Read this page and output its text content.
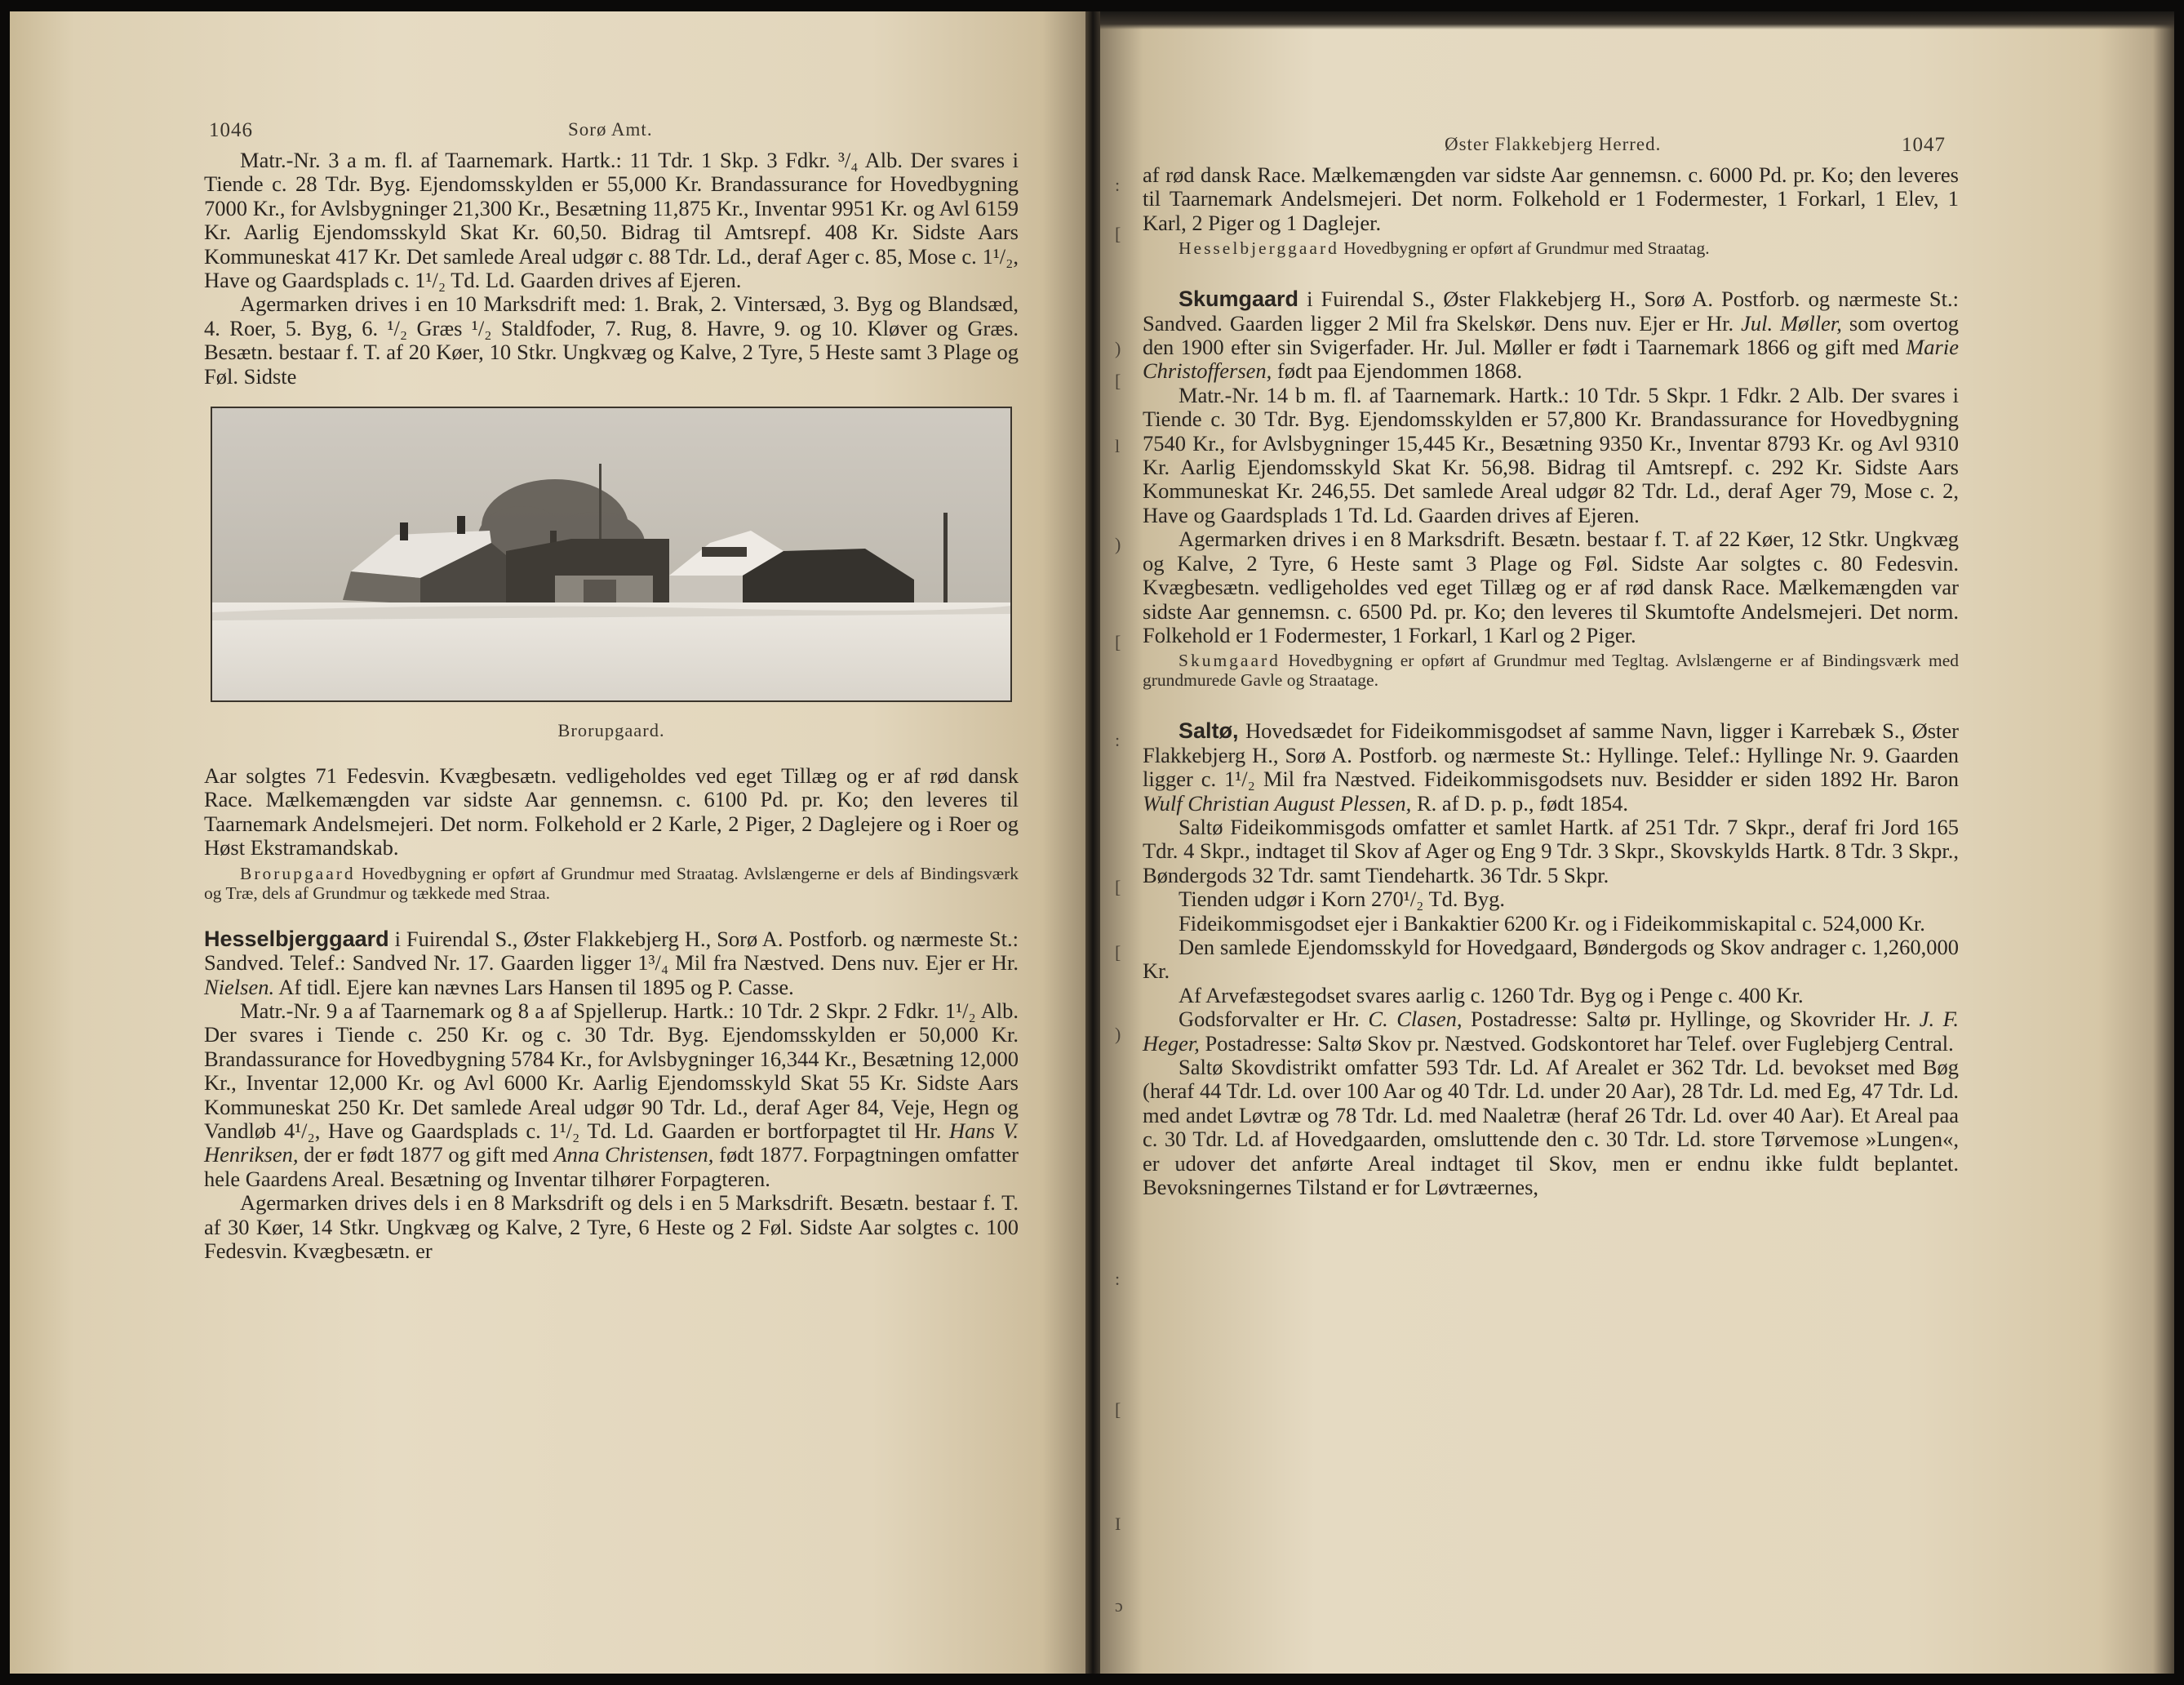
1046	Sorø Amt.

Matr.-Nr. 3 a m. fl. af Taarnemark. Hartk.: 11 Tdr. 1 Skp. 3 Fdkr. ³/₄ Alb. Der svares i Tiende c. 28 Tdr. Byg. Ejendomsskylden er 55,000 Kr. Brandassurance for Hovedbygning 7000 Kr., for Avlsbygninger 21,300 Kr., Besætning 11,875 Kr., Inventar 9951 Kr. og Avl 6159 Kr. Aarlig Ejendomsskyld Skat Kr. 60,50. Bidrag til Amtsrepf. 408 Kr. Sidste Aars Kommuneskat 417 Kr. Det samlede Areal udgør c. 88 Tdr. Ld., deraf Ager c. 85, Mose c. 1¹/₂, Have og Gaardsplads c. 1¹/₂ Td. Ld. Gaarden drives af Ejeren.

Agermarken drives i en 10 Marksdrift med: 1. Brak, 2. Vintersæd, 3. Byg og Blandsæd, 4. Roer, 5. Byg, 6. ¹/₂ Græs ¹/₂ Staldfoder, 7. Rug, 8. Havre, 9. og 10. Kløver og Græs. Besætn. bestaar f. T. af 20 Køer, 10 Stkr. Ungkvæg og Kalve, 2 Tyre, 5 Heste samt 3 Plage og Føl. Sidste

Brorupgaard.

Aar solgtes 71 Fedesvin. Kvægbesætn. vedligeholdes ved eget Tillæg og er af rød dansk Race. Mælkemængden var sidste Aar gennemsn. c. 6100 Pd. pr. Ko; den leveres til Taarnemark Andelsmejeri. Det norm. Folkehold er 2 Karle, 2 Piger, 2 Daglejere og i Roer og Høst Ekstramandskab.

Brorupgaard Hovedbygning er opført af Grundmur med Straatag. Avlslængerne er dels af Bindingsværk og Træ, dels af Grundmur og tækkede med Straa.

Hesselbjerggaard i Fuirendal S., Øster Flakkebjerg H., Sorø A. Postforb. og nærmeste St.: Sandved. Telef.: Sandved Nr. 17. Gaarden ligger 1³/₄ Mil fra Næstved. Dens nuv. Ejer er Hr. Nielsen. Af tidl. Ejere kan nævnes Lars Hansen til 1895 og P. Casse.

Matr.-Nr. 9 a af Taarnemark og 8 a af Spjellerup. Hartk.: 10 Tdr. 2 Skpr. 2 Fdkr. 1¹/₂ Alb. Der svares i Tiende c. 250 Kr. og c. 30 Tdr. Byg. Ejendomsskylden er 50,000 Kr. Brandassurance for Hovedbygning 5784 Kr., for Avlsbygninger 16,344 Kr., Besætning 12,000 Kr., Inventar 12,000 Kr. og Avl 6000 Kr. Aarlig Ejendomsskyld Skat 55 Kr. Sidste Aars Kommuneskat 250 Kr. Det samlede Areal udgør 90 Tdr. Ld., deraf Ager 84, Veje, Hegn og Vandløb 4¹/₂, Have og Gaardsplads c. 1¹/₂ Td. Ld. Gaarden er bortforpagtet til Hr. Hans V. Henriksen, der er født 1877 og gift med Anna Christensen, født 1877. Forpagtningen omfatter hele Gaardens Areal. Besætning og Inventar tilhører Forpagteren.

Agermarken drives dels i en 8 Marksdrift og dels i en 5 Marksdrift. Besætn. bestaar f. T. af 30 Køer, 14 Stkr. Ungkvæg og Kalve, 2 Tyre, 6 Heste og 2 Føl. Sidste Aar solgtes c. 100 Fedesvin. Kvægbesætn. er

:
[
)
[
l
)
[
:
[
[
)
:
[
I
ɔ
Øster Flakkebjerg Herred.	1047

af rød dansk Race. Mælkemængden var sidste Aar gennemsn. c. 6000 Pd. pr. Ko; den leveres til Taarnemark Andelsmejeri. Det norm. Folkehold er 1 Fodermester, 1 Forkarl, 1 Elev, 1 Karl, 2 Piger og 1 Daglejer.

Hesselbjerggaard Hovedbygning er opført af Grundmur med Straatag.

Skumgaard i Fuirendal S., Øster Flakkebjerg H., Sorø A. Postforb. og nærmeste St.: Sandved. Gaarden ligger 2 Mil fra Skelskør. Dens nuv. Ejer er Hr. Jul. Møller, som overtog den 1900 efter sin Svigerfader. Hr. Jul. Møller er født i Taarnemark 1866 og gift med Marie Christoffersen, født paa Ejendommen 1868.

Matr.-Nr. 14 b m. fl. af Taarnemark. Hartk.: 10 Tdr. 5 Skpr. 1 Fdkr. 2 Alb. Der svares i Tiende c. 30 Tdr. Byg. Ejendomsskylden er 57,800 Kr. Brandassurance for Hovedbygning 7540 Kr., for Avlsbygninger 15,445 Kr., Besætning 9350 Kr., Inventar 8793 Kr. og Avl 9310 Kr. Aarlig Ejendomsskyld Skat Kr. 56,98. Bidrag til Amtsrepf. c. 292 Kr. Sidste Aars Kommuneskat Kr. 246,55. Det samlede Areal udgør 82 Tdr. Ld., deraf Ager 79, Mose c. 2, Have og Gaardsplads 1 Td. Ld. Gaarden drives af Ejeren.

Agermarken drives i en 8 Marksdrift. Besætn. bestaar f. T. af 22 Køer, 12 Stkr. Ungkvæg og Kalve, 2 Tyre, 6 Heste samt 3 Plage og Føl. Sidste Aar solgtes c. 80 Fedesvin. Kvægbesætn. vedligeholdes ved eget Tillæg og er af rød dansk Race. Mælkemængden var sidste Aar gennemsn. c. 6500 Pd. pr. Ko; den leveres til Skumtofte Andelsmejeri. Det norm. Folkehold er 1 Fodermester, 1 Forkarl, 1 Karl og 2 Piger.

Skumgaard Hovedbygning er opført af Grundmur med Tegltag. Avlslængerne er af Bindingsværk med grundmurede Gavle og Straatage.

Saltø, Hovedsædet for Fideikommisgodset af samme Navn, ligger i Karrebæk S., Øster Flakkebjerg H., Sorø A. Postforb. og nærmeste St.: Hyllinge. Telef.: Hyllinge Nr. 9. Gaarden ligger c. 1¹/₂ Mil fra Næstved. Fideikommisgodsets nuv. Besidder er siden 1892 Hr. Baron Wulf Christian August Plessen, R. af D. p. p., født 1854.

Saltø Fideikommisgods omfatter et samlet Hartk. af 251 Tdr. 7 Skpr., deraf fri Jord 165 Tdr. 4 Skpr., indtaget til Skov af Ager og Eng 9 Tdr. 3 Skpr., Skovskylds Hartk. 8 Tdr. 3 Skpr., Bøndergods 32 Tdr. samt Tiendehartk. 36 Tdr. 5 Skpr.

Tienden udgør i Korn 270¹/₂ Td. Byg.

Fideikommisgodset ejer i Bankaktier 6200 Kr. og i Fideikommiskapital c. 524,000 Kr.

Den samlede Ejendomsskyld for Hovedgaard, Bøndergods og Skov andrager c. 1,260,000 Kr.

Af Arvefæstegodset svares aarlig c. 1260 Tdr. Byg og i Penge c. 400 Kr.

Godsforvalter er Hr. C. Clasen, Postadresse: Saltø pr. Hyllinge, og Skovrider Hr. J. F. Heger, Postadresse: Saltø Skov pr. Næstved. Godskontoret har Telef. over Fuglebjerg Central.

Saltø Skovdistrikt omfatter 593 Tdr. Ld. Af Arealet er 362 Tdr. Ld. bevokset med Bøg (heraf 44 Tdr. Ld. over 100 Aar og 40 Tdr. Ld. under 20 Aar), 28 Tdr. Ld. med Eg, 47 Tdr. Ld. med andet Løvtræ og 78 Tdr. Ld. med Naaletræ (heraf 26 Tdr. Ld. over 40 Aar). Et Areal paa c. 30 Tdr. Ld. af Hovedgaarden, omsluttende den c. 30 Tdr. Ld. store Tørvemose »Lungen«, er udover det anførte Areal indtaget til Skov, men er endnu ikke fuldt beplantet. Bevoksningernes Tilstand er for Løvtræernes,
